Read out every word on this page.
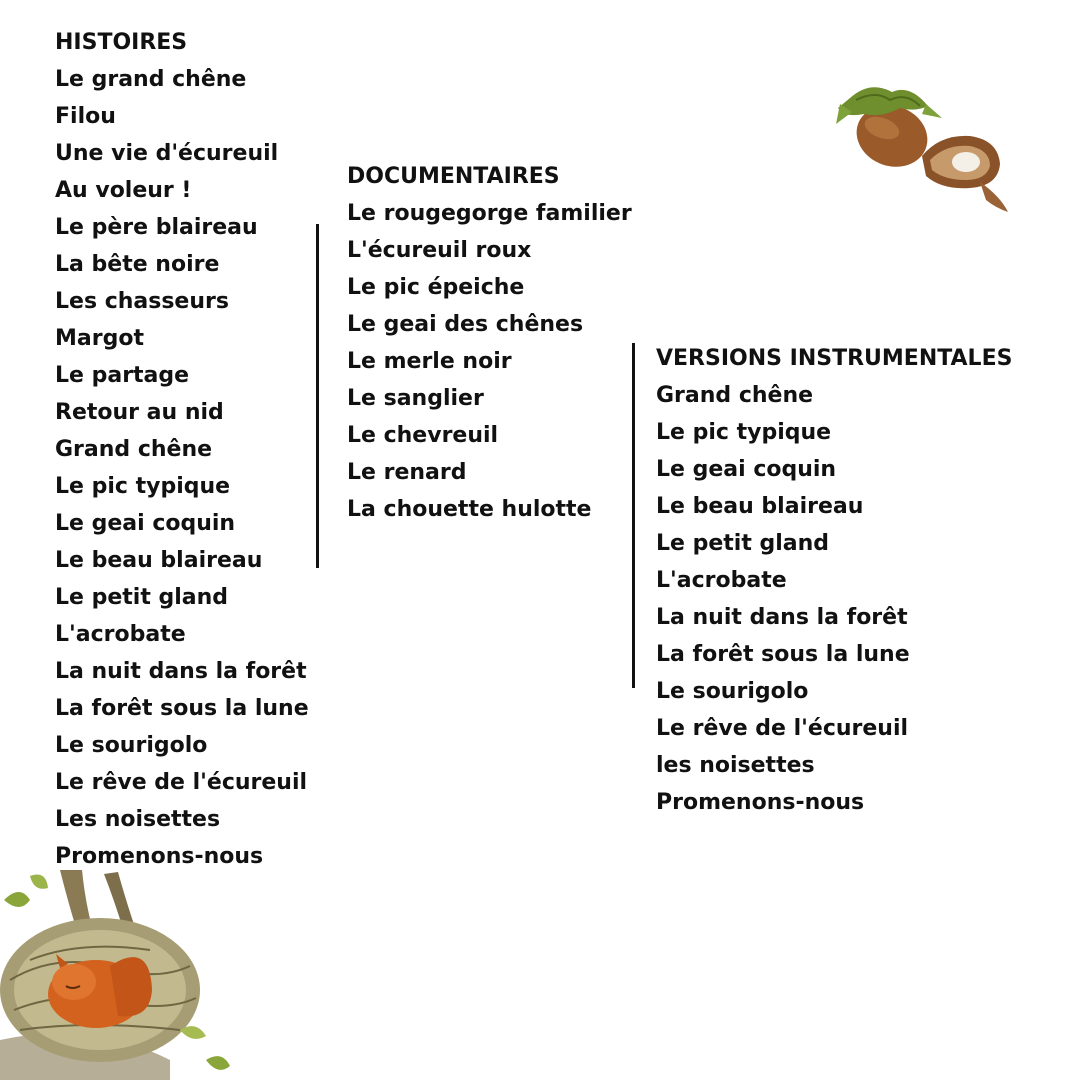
HISTOIRES
Le grand chêne
Filou
Une vie d'écureuil
Au voleur !
Le père blaireau
La bête noire
Les chasseurs
Margot
Le partage
Retour au nid
Grand chêne
Le pic typique
Le geai coquin
Le beau blaireau
Le petit gland
L'acrobate
La nuit dans la forêt
La forêt sous la lune
Le sourigolo
Le rêve de l'écureuil
Les noisettes
Promenons-nous
DOCUMENTAIRES
Le rougegorge familier
L'écureuil roux
Le pic épeiche
Le geai des chênes
Le merle noir
Le sanglier
Le chevreuil
Le renard
La chouette hulotte
VERSIONS INSTRUMENTALES
Grand chêne
Le pic typique
Le geai coquin
Le beau blaireau
Le petit gland
L'acrobate
La nuit dans la forêt
La forêt sous la lune
Le sourigolo
Le rêve de l'écureuil
les noisettes
Promenons-nous
